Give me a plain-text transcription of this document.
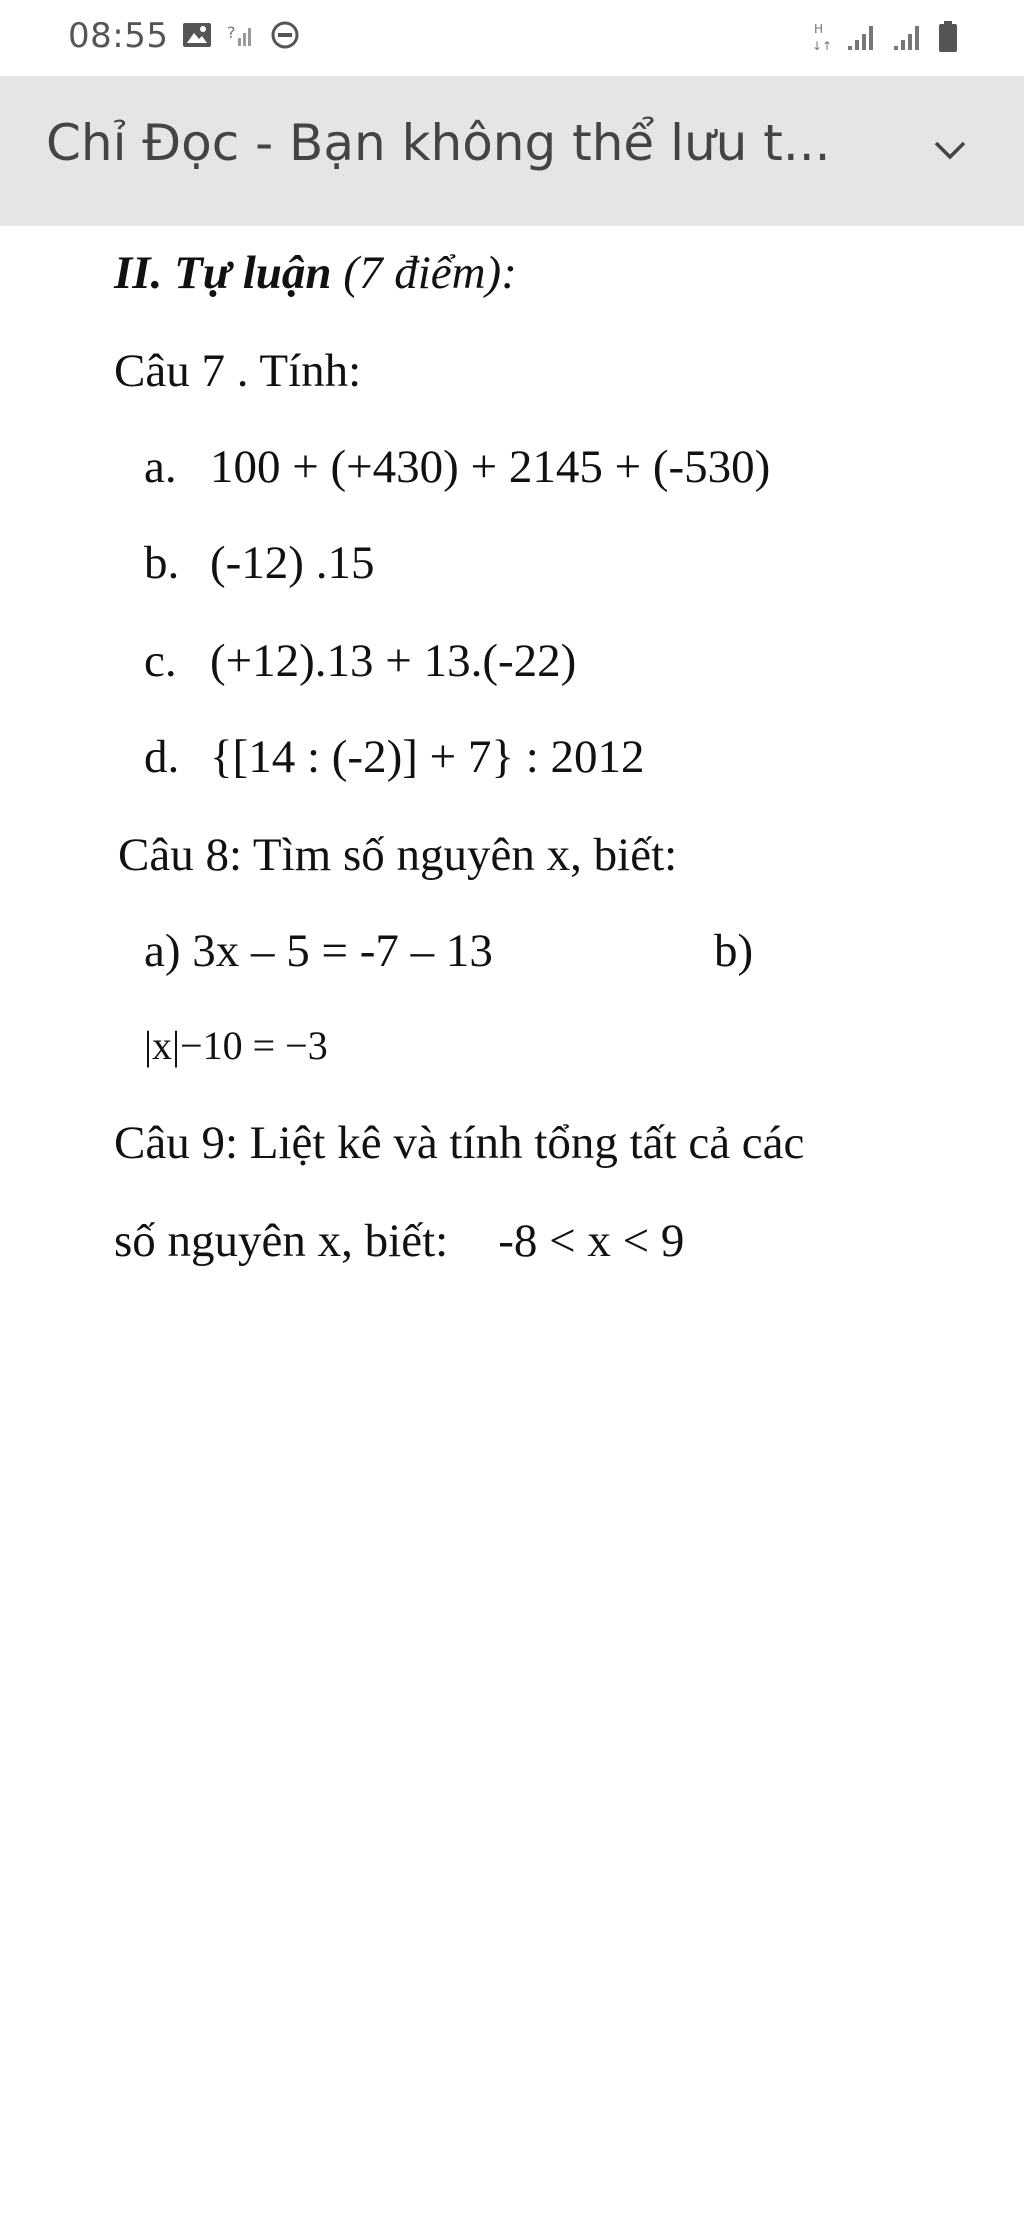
08:55	?	H
↓↑
Chỉ Đọc - Bạn không thể lưu t...
II. Tự luận (7 điểm):
Câu 7 . Tính:
a. 100 + (+430) + 2145 + (-530)
b. (-12) .15
c. (+12).13 + 13.(-22)
d. {[14 : (-2)] + 7} : 2012
Câu 8: Tìm số nguyên x, biết:
a) 3x – 5 = -7 – 13	b)
|x|−10 = −3
Câu 9: Liệt kê và tính tổng tất cả các
số nguyên x, biết: -8 < x < 9
